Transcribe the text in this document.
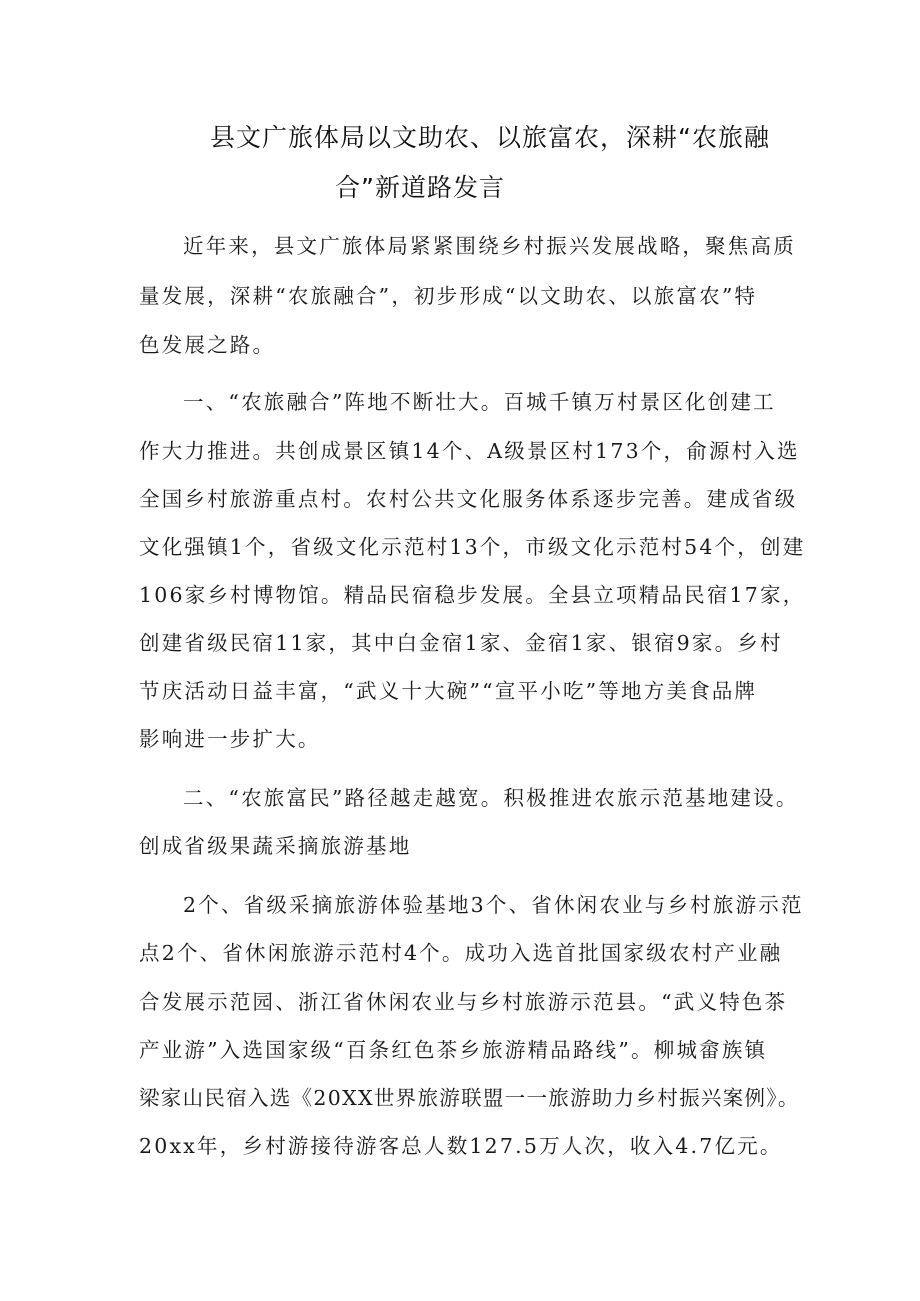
县文广旅体局以文助农、以旅富农，深耕“农旅融
合”新道路发言
近年来，县文广旅体局紧紧围绕乡村振兴发展战略，聚焦高质
量发展，深耕“农旅融合”，初步形成“以文助农、以旅富农”特
色发展之路。
一、“农旅融合”阵地不断壮大。百城千镇万村景区化创建工
作大力推进。共创成景区镇14个、A级景区村173个，俞源村入选
全国乡村旅游重点村。农村公共文化服务体系逐步完善。建成省级
文化强镇1个，省级文化示范村13个，市级文化示范村54个，创建
106家乡村博物馆。精品民宿稳步发展。全县立项精品民宿17家，
创建省级民宿11家，其中白金宿1家、金宿1家、银宿9家。乡村
节庆活动日益丰富，“武义十大碗”“宣平小吃”等地方美食品牌
影响进一步扩大。
二、“农旅富民”路径越走越宽。积极推进农旅示范基地建设。
创成省级果蔬采摘旅游基地
2个、省级采摘旅游体验基地3个、省休闲农业与乡村旅游示范
点2个、省休闲旅游示范村4个。成功入选首批国家级农村产业融
合发展示范园、浙江省休闲农业与乡村旅游示范县。“武义特色茶
产业游”入选国家级“百条红色茶乡旅游精品路线”。柳城畲族镇
梁家山民宿入选《20XX世界旅游联盟一一旅游助力乡村振兴案例》。
20xx年，乡村游接待游客总人数127.5万人次，收入4.7亿元。
